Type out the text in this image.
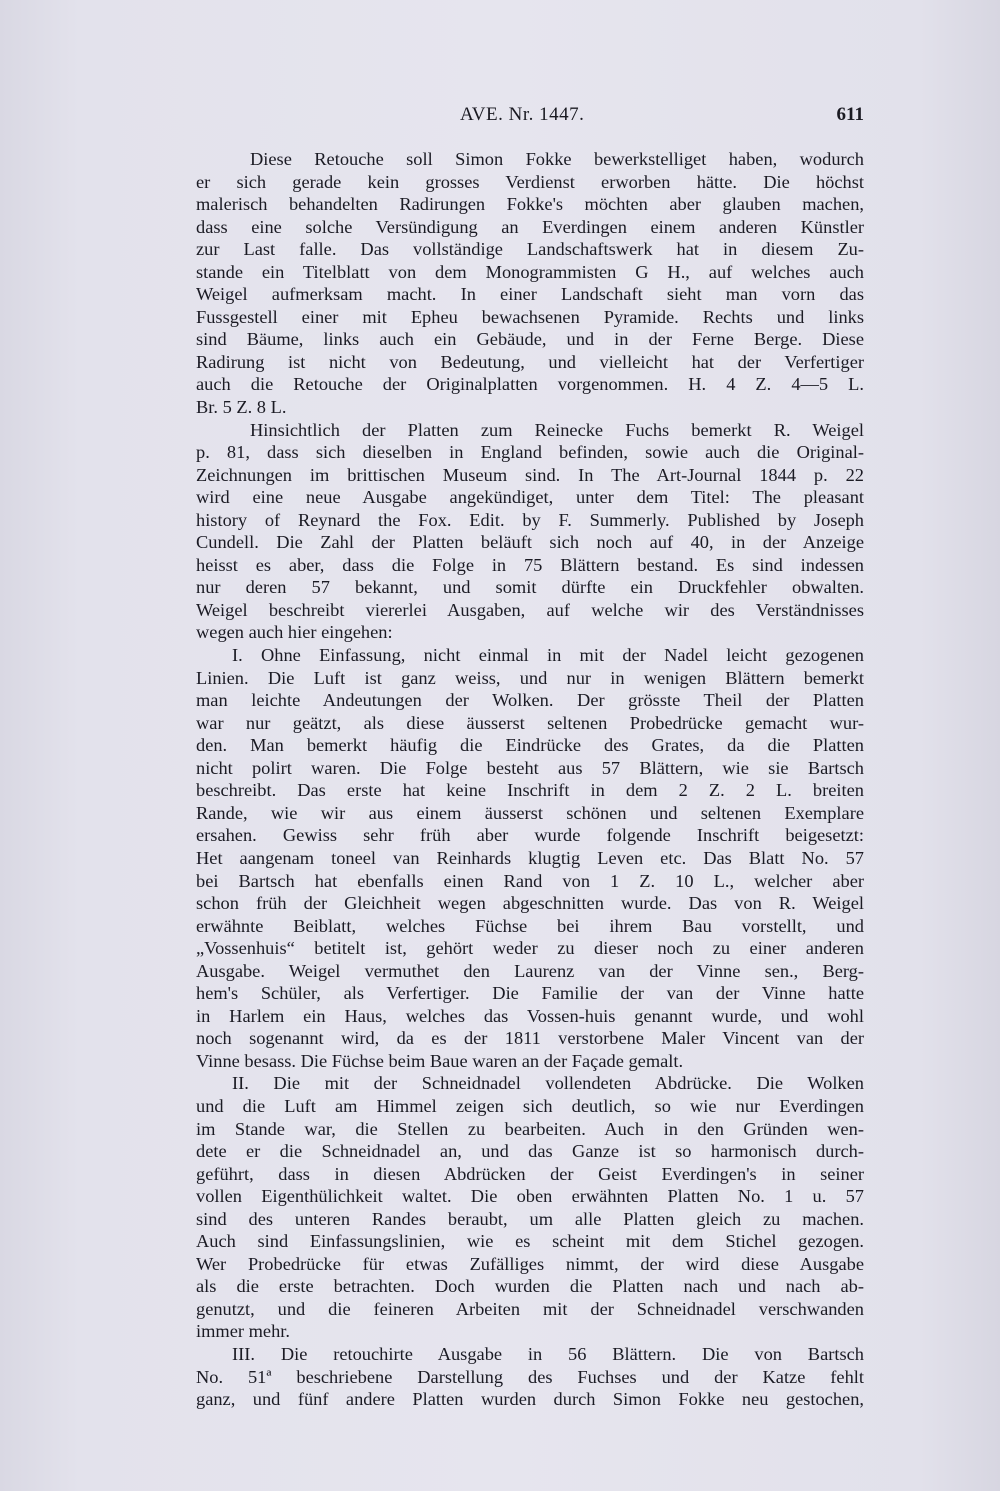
AVE. Nr. 1447.	611
Diese Retouche soll Simon Fokke bewerkstelliget haben, wodurch
er sich gerade kein grosses Verdienst erworben hätte. Die höchst
malerisch behandelten Radirungen Fokke's möchten aber glauben machen,
dass eine solche Versündigung an Everdingen einem anderen Künstler
zur Last falle. Das vollständige Landschaftswerk hat in diesem Zu-
stande ein Titelblatt von dem Monogrammisten G H., auf welches auch
Weigel aufmerksam macht. In einer Landschaft sieht man vorn das
Fussgestell einer mit Epheu bewachsenen Pyramide. Rechts und links
sind Bäume, links auch ein Gebäude, und in der Ferne Berge. Diese
Radirung ist nicht von Bedeutung, und vielleicht hat der Verfertiger
auch die Retouche der Originalplatten vorgenommen. H. 4 Z. 4—5 L.
Br. 5 Z. 8 L.
Hinsichtlich der Platten zum Reinecke Fuchs bemerkt R. Weigel
p. 81, dass sich dieselben in England befinden, sowie auch die Original-
Zeichnungen im brittischen Museum sind. In The Art-Journal 1844 p. 22
wird eine neue Ausgabe angekündiget, unter dem Titel: The pleasant
history of Reynard the Fox. Edit. by F. Summerly. Published by Joseph
Cundell. Die Zahl der Platten beläuft sich noch auf 40, in der Anzeige
heisst es aber, dass die Folge in 75 Blättern bestand. Es sind indessen
nur deren 57 bekannt, und somit dürfte ein Druckfehler obwalten.
Weigel beschreibt viererlei Ausgaben, auf welche wir des Verständnisses
wegen auch hier eingehen:
I. Ohne Einfassung, nicht einmal in mit der Nadel leicht gezogenen
Linien. Die Luft ist ganz weiss, und nur in wenigen Blättern bemerkt
man leichte Andeutungen der Wolken. Der grösste Theil der Platten
war nur geätzt, als diese äusserst seltenen Probedrücke gemacht wur-
den. Man bemerkt häufig die Eindrücke des Grates, da die Platten
nicht polirt waren. Die Folge besteht aus 57 Blättern, wie sie Bartsch
beschreibt. Das erste hat keine Inschrift in dem 2 Z. 2 L. breiten
Rande, wie wir aus einem äusserst schönen und seltenen Exemplare
ersahen. Gewiss sehr früh aber wurde folgende Inschrift beigesetzt:
Het aangenam toneel van Reinhards klugtig Leven etc. Das Blatt No. 57
bei Bartsch hat ebenfalls einen Rand von 1 Z. 10 L., welcher aber
schon früh der Gleichheit wegen abgeschnitten wurde. Das von R. Weigel
erwähnte Beiblatt, welches Füchse bei ihrem Bau vorstellt, und
„Vossenhuis“ betitelt ist, gehört weder zu dieser noch zu einer anderen
Ausgabe. Weigel vermuthet den Laurenz van der Vinne sen., Berg-
hem's Schüler, als Verfertiger. Die Familie der van der Vinne hatte
in Harlem ein Haus, welches das Vossen-huis genannt wurde, und wohl
noch sogenannt wird, da es der 1811 verstorbene Maler Vincent van der
Vinne besass. Die Füchse beim Baue waren an der Façade gemalt.
II. Die mit der Schneidnadel vollendeten Abdrücke. Die Wolken
und die Luft am Himmel zeigen sich deutlich, so wie nur Everdingen
im Stande war, die Stellen zu bearbeiten. Auch in den Gründen wen-
dete er die Schneidnadel an, und das Ganze ist so harmonisch durch-
geführt, dass in diesen Abdrücken der Geist Everdingen's in seiner
vollen Eigenthülichkeit waltet. Die oben erwähnten Platten No. 1 u. 57
sind des unteren Randes beraubt, um alle Platten gleich zu machen.
Auch sind Einfassungslinien, wie es scheint mit dem Stichel gezogen.
Wer Probedrücke für etwas Zufälliges nimmt, der wird diese Ausgabe
als die erste betrachten. Doch wurden die Platten nach und nach ab-
genutzt, und die feineren Arbeiten mit der Schneidnadel verschwanden
immer mehr.
III. Die retouchirte Ausgabe in 56 Blättern. Die von Bartsch
No. 51ª beschriebene Darstellung des Fuchses und der Katze fehlt
ganz, und fünf andere Platten wurden durch Simon Fokke neu gestochen,
